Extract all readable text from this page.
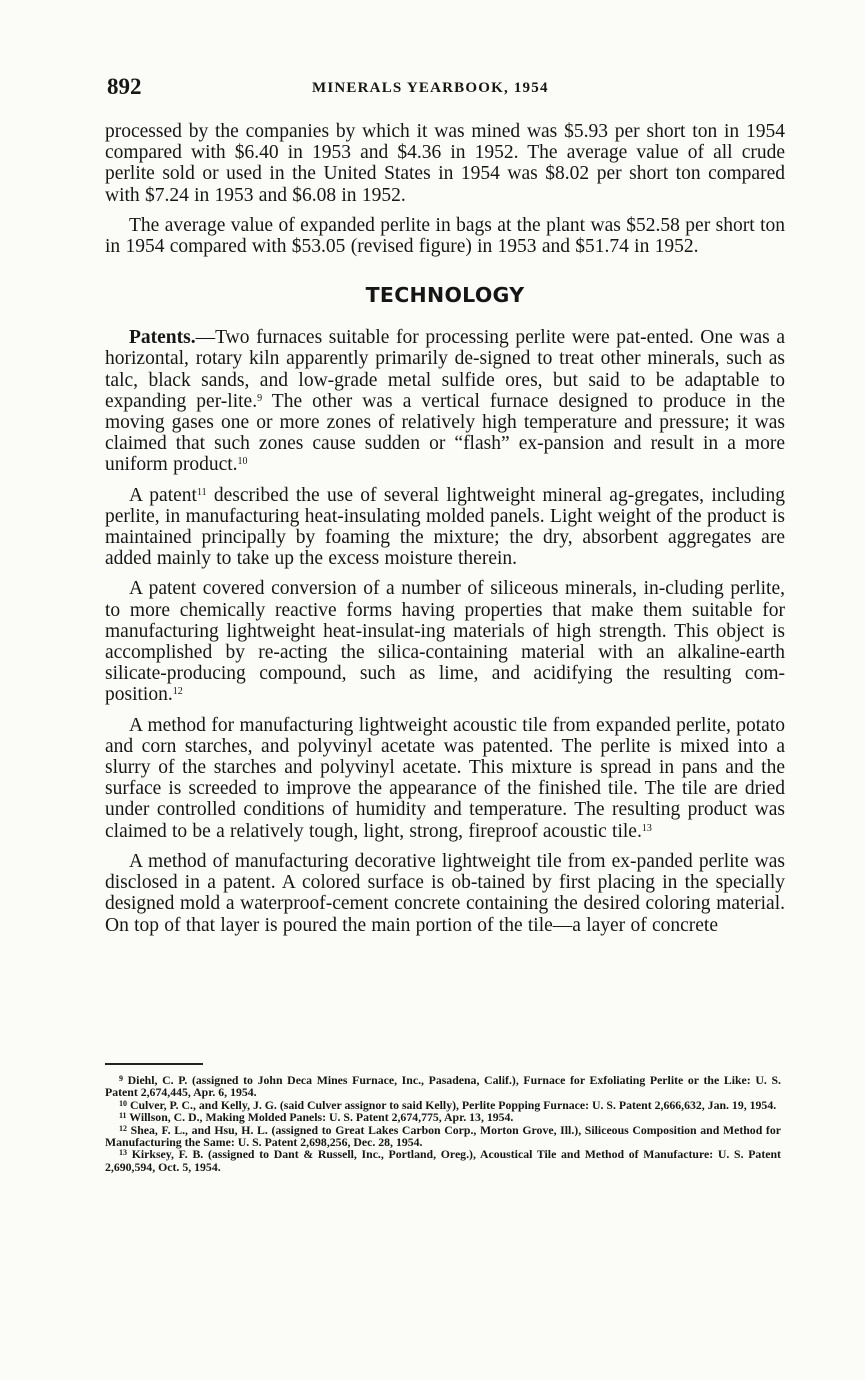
892	MINERALS YEARBOOK, 1954

processed by the companies by which it was mined was $5.93 per short ton in 1954 compared with $6.40 in 1953 and $4.36 in 1952. The average value of all crude perlite sold or used in the United States in 1954 was $8.02 per short ton compared with $7.24 in 1953 and $6.08 in 1952.

The average value of expanded perlite in bags at the plant was $52.58 per short ton in 1954 compared with $53.05 (revised figure) in 1953 and $51.74 in 1952.

TECHNOLOGY

Patents.—Two furnaces suitable for processing perlite were pat-ented. One was a horizontal, rotary kiln apparently primarily de-signed to treat other minerals, such as talc, black sands, and low-grade metal sulfide ores, but said to be adaptable to expanding per-lite.$^9$ The other was a vertical furnace designed to produce in the moving gases one or more zones of relatively high temperature and pressure; it was claimed that such zones cause sudden or “flash” ex-pansion and result in a more uniform product.$^{10}$

A patent$^{11}$ described the use of several lightweight mineral ag-gregates, including perlite, in manufacturing heat-insulating molded panels. Light weight of the product is maintained principally by foaming the mixture; the dry, absorbent aggregates are added mainly to take up the excess moisture therein.

A patent covered conversion of a number of siliceous minerals, in-cluding perlite, to more chemically reactive forms having properties that make them suitable for manufacturing lightweight heat-insulat-ing materials of high strength. This object is accomplished by re-acting the silica-containing material with an alkaline-earth silicate-producing compound, such as lime, and acidifying the resulting com-position.$^{12}$

A method for manufacturing lightweight acoustic tile from expanded perlite, potato and corn starches, and polyvinyl acetate was patented. The perlite is mixed into a slurry of the starches and polyvinyl acetate. This mixture is spread in pans and the surface is screeded to improve the appearance of the finished tile. The tile are dried under controlled conditions of humidity and temperature. The resulting product was claimed to be a relatively tough, light, strong, fireproof acoustic tile.$^{13}$

A method of manufacturing decorative lightweight tile from ex-panded perlite was disclosed in a patent. A colored surface is ob-tained by first placing in the specially designed mold a waterproof-cement concrete containing the desired coloring material. On top of that layer is poured the main portion of the tile—a layer of concrete

$^9$ Diehl, C. P. (assigned to John Deca Mines Furnace, Inc., Pasadena, Calif.), Furnace for Exfoliating Perlite or the Like: U. S. Patent 2,674,445, Apr. 6, 1954.

$^{10}$ Culver, P. C., and Kelly, J. G. (said Culver assignor to said Kelly), Perlite Popping Furnace: U. S. Patent 2,666,632, Jan. 19, 1954.

$^{11}$ Willson, C. D., Making Molded Panels: U. S. Patent 2,674,775, Apr. 13, 1954.

$^{12}$ Shea, F. L., and Hsu, H. L. (assigned to Great Lakes Carbon Corp., Morton Grove, Ill.), Siliceous Composition and Method for Manufacturing the Same: U. S. Patent 2,698,256, Dec. 28, 1954.

$^{13}$ Kirksey, F. B. (assigned to Dant & Russell, Inc., Portland, Oreg.), Acoustical Tile and Method of Manufacture: U. S. Patent 2,690,594, Oct. 5, 1954.
